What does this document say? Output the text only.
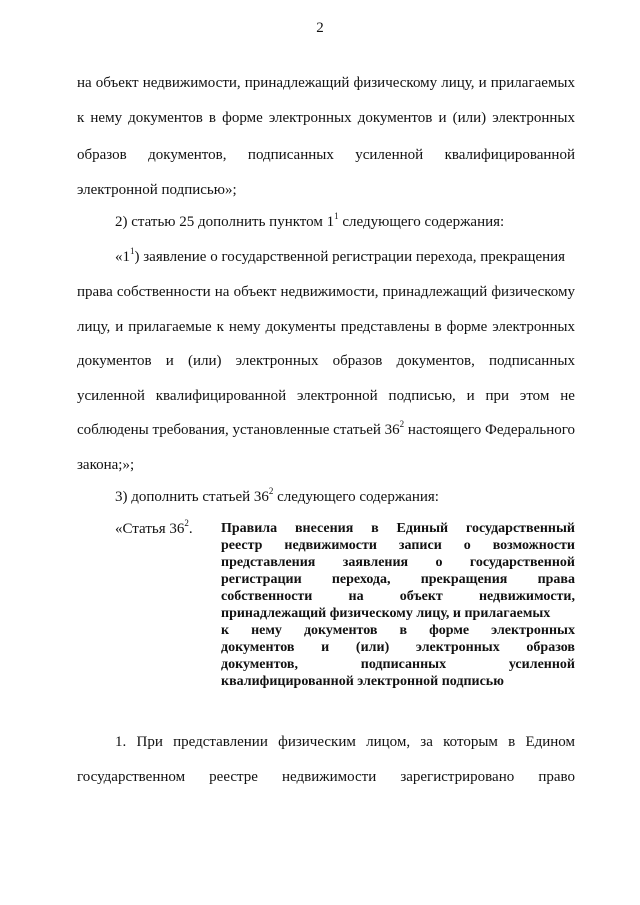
2
на объект недвижимости, принадлежащий физическому лицу, и прилагаемых
к нему документов в форме электронных документов и (или) электронных
образов документов, подписанных усиленной квалифицированной
электронной подписью»;
2) статью 25 дополнить пунктом $1^1$ следующего содержания:
«$1^1$) заявление о государственной регистрации перехода, прекращения
права собственности на объект недвижимости, принадлежащий физическому
лицу, и прилагаемые к нему документы представлены в форме электронных
документов и (или) электронных образов документов, подписанных
усиленной квалифицированной электронной подписью, и при этом не
соблюдены требования, установленные статьей $36^2$ настоящего Федерального
закона;»;
3) дополнить статьей $36^2$ следующего содержания:
«Статья $36^2$. Правила внесения в Единый государственный
реестр недвижимости записи о возможности
представления заявления о государственной
регистрации перехода, прекращения права
собственности	на	объект	недвижимости,
принадлежащий физическому лицу, и прилагаемых
к нему документов в форме электронных
документов и (или) электронных образов
документов,	подписанных	усиленной
квалифицированной электронной подписью
1. При представлении физическим лицом, за которым в Едином
государственном реестре недвижимости зарегистрировано право
